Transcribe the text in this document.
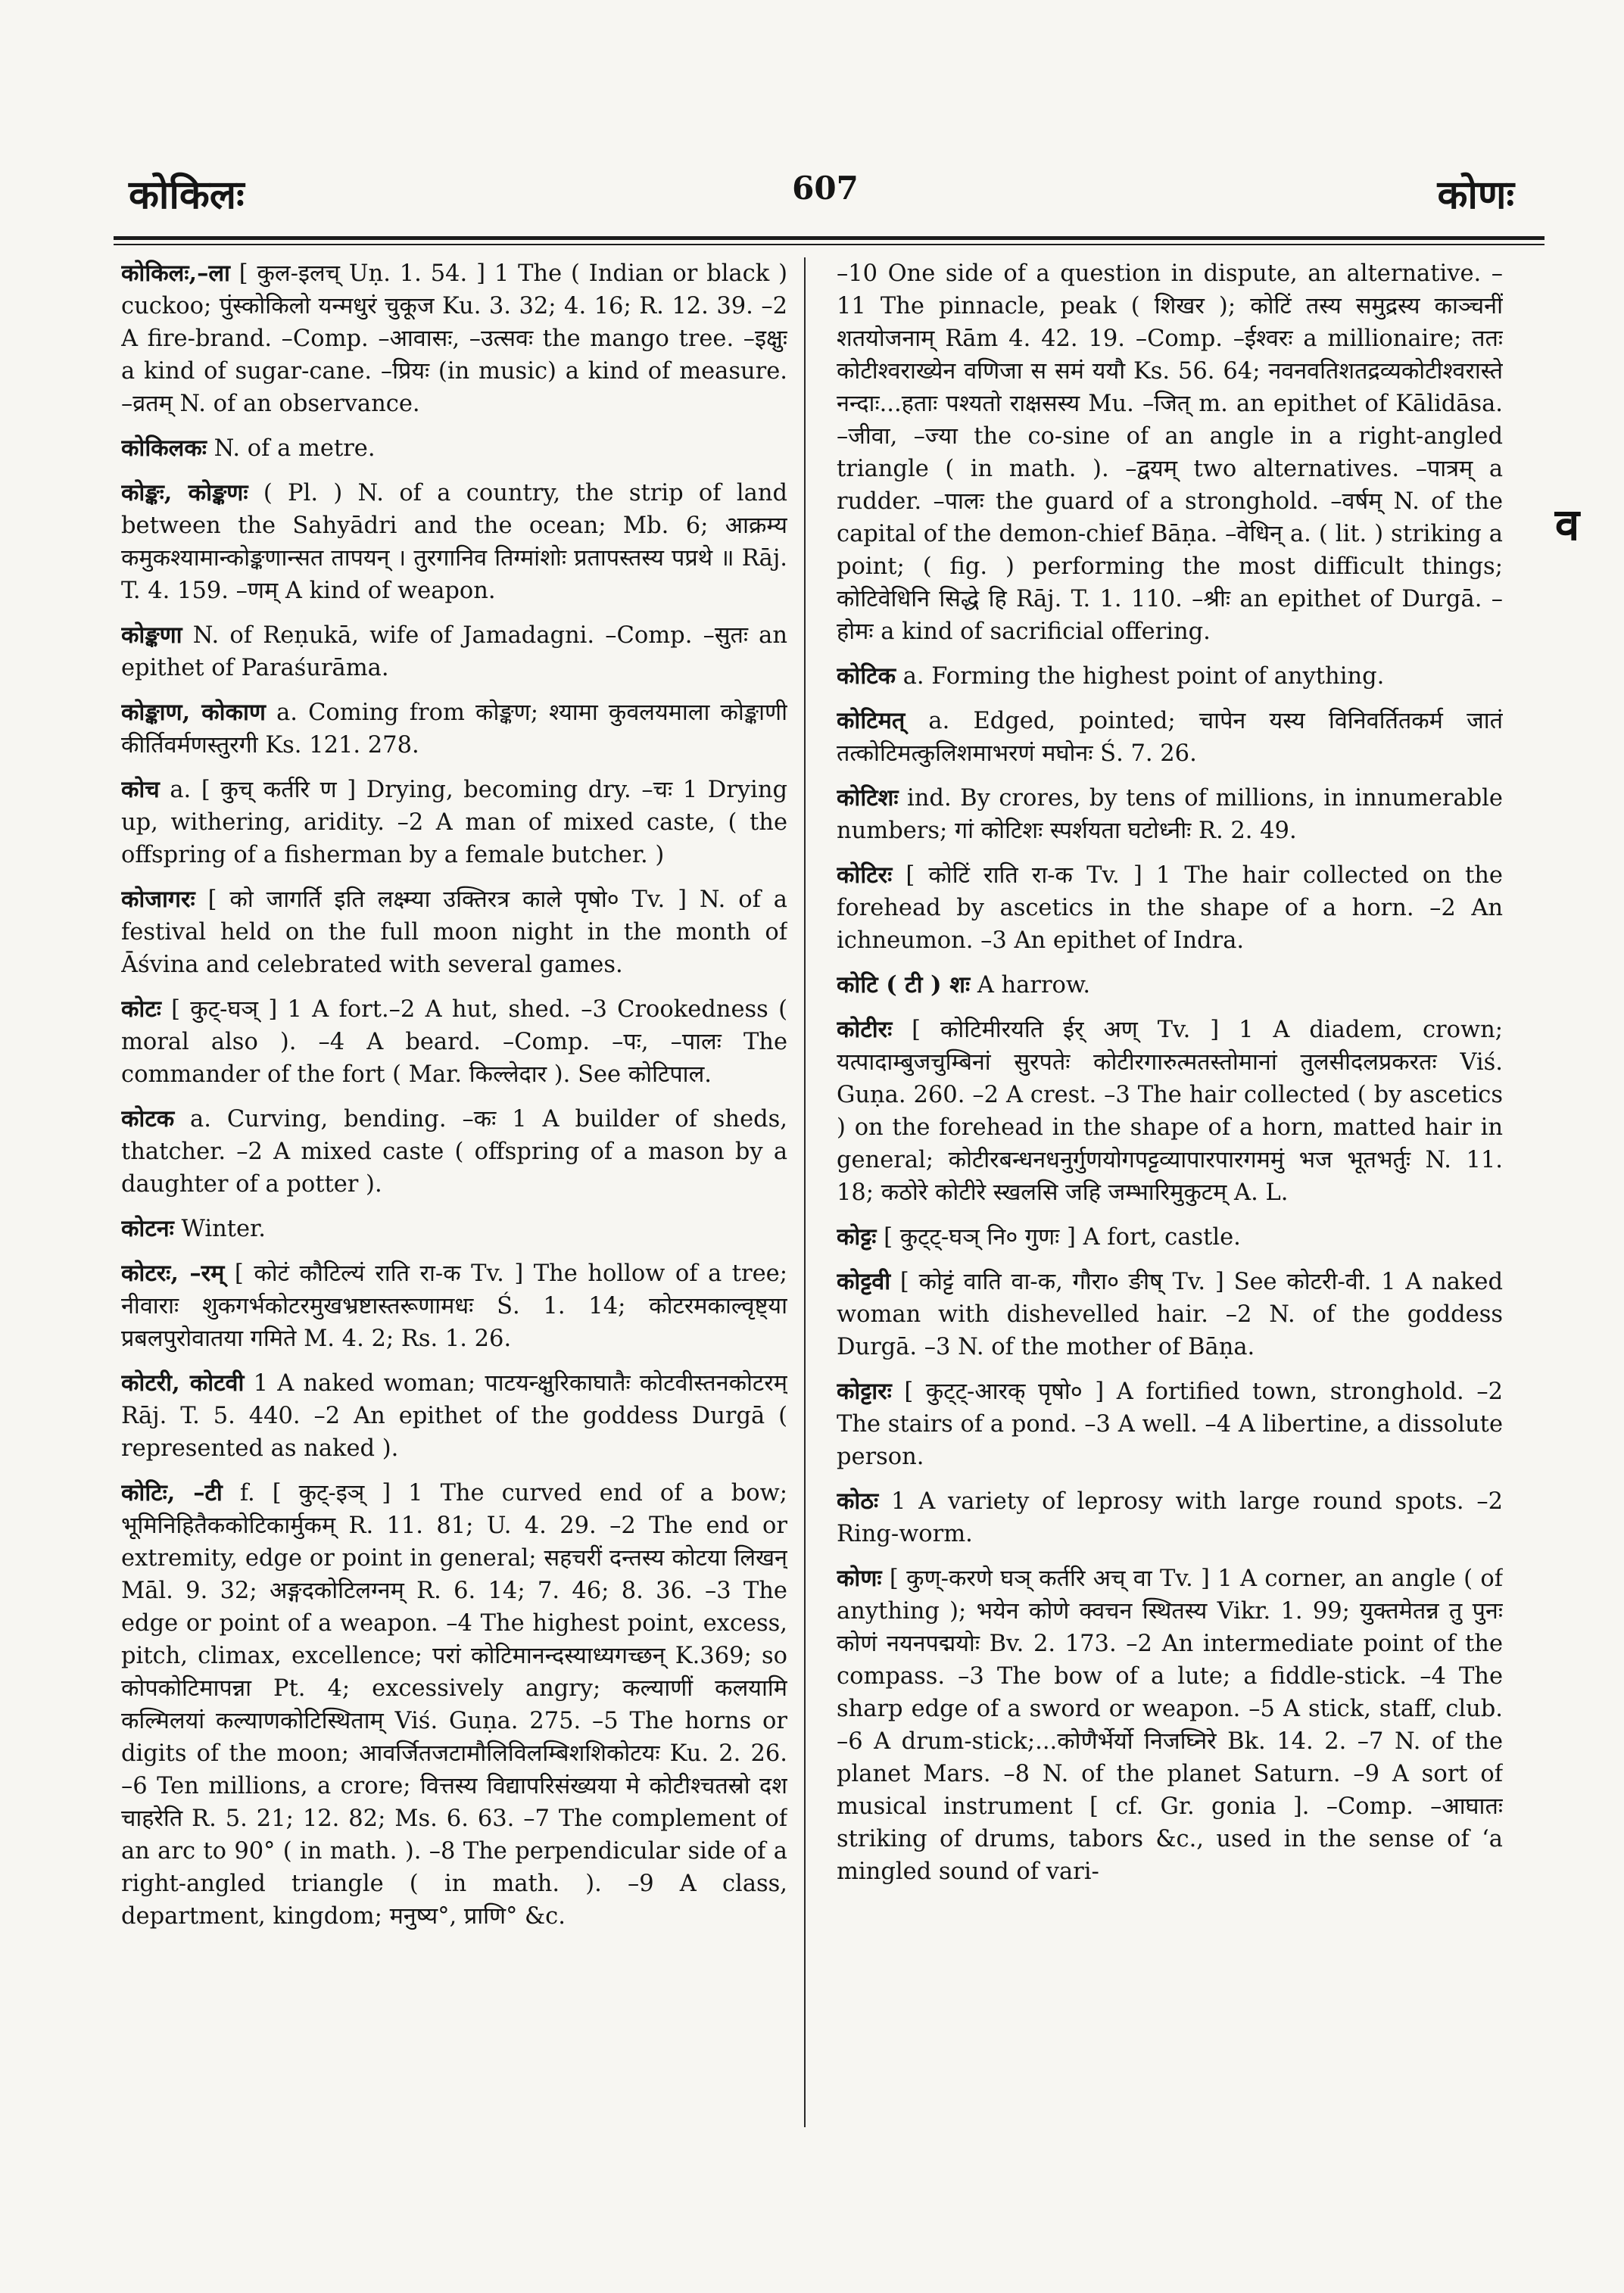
कोकिलः	607	कोणः

कोकिलः,–ला [ कुल-इलच् Uṇ. 1. 54. ] 1 The ( Indian or black ) cuckoo; पुंस्कोकिलो यन्मधुरं चुकूज Ku. 3. 32; 4. 16; R. 12. 39. –2 A fire-brand. –Comp. –आवासः, –उत्सवः the mango tree. –इक्षुः a kind of sugar-cane. –प्रियः (in music) a kind of measure. –व्रतम् N. of an observance.

कोकिलकः N. of a metre.

कोङ्कः, कोङ्कणः ( Pl. ) N. of a country, the strip of land between the Sahyādri and the ocean; Mb. 6; आक्रम्य कमुकश्यामान्कोङ्कणान्सत तापयन् । तुरगानिव तिग्मांशोः प्रतापस्तस्य पप्रथे ॥ Rāj. T. 4. 159. –णम् A kind of weapon.

कोङ्कणा N. of Reṇukā, wife of Jamadagni. –Comp. –सुतः an epithet of Paraśurāma.

कोङ्काण, कोकाण a. Coming from कोङ्कण; श्यामा कुवलयमाला कोङ्काणी कीर्तिवर्मणस्तुरगी Ks. 121. 278.

कोच a. [ कुच् कर्तरि ण ] Drying, becoming dry. –चः 1 Drying up, withering, aridity. –2 A man of mixed caste, ( the offspring of a fisherman by a female butcher. )

कोजागरः [ को जागर्ति इति लक्ष्म्या उक्तिरत्र काले पृषो० Tv. ] N. of a festival held on the full moon night in the month of Āśvina and celebrated with several games.

कोटः [ कुट्-घञ् ] 1 A fort.–2 A hut, shed. –3 Crookedness ( moral also ). –4 A beard. –Comp. –पः, –पालः The commander of the fort ( Mar. किल्लेदार ). See कोटिपाल.

कोटक a. Curving, bending. –कः 1 A builder of sheds, thatcher. –2 A mixed caste ( offspring of a mason by a daughter of a potter ).

कोटनः Winter.

कोटरः, –रम् [ कोटं कौटिल्यं राति रा-क Tv. ] The hollow of a tree; नीवाराः शुकगर्भकोटरमुखभ्रष्टास्तरूणामधः Ś. 1. 14; कोटरमकाल्वृष्ट्या प्रबलपुरोवातया गमिते M. 4. 2; Rs. 1. 26.

कोटरी, कोटवी 1 A naked woman; पाटयन्क्षुरिकाघातैः कोटवीस्तनकोटरम् Rāj. T. 5. 440. –2 An epithet of the goddess Durgā ( represented as naked ).

कोटिः, –टी f. [ कुट्-इञ् ] 1 The curved end of a bow; भूमिनिहितैककोटिकार्मुकम् R. 11. 81; U. 4. 29. –2 The end or extremity, edge or point in general; सहचरीं दन्तस्य कोटया लिखन् Māl. 9. 32; अङ्गदकोटिलग्नम् R. 6. 14; 7. 46; 8. 36. –3 The edge or point of a weapon. –4 The highest point, excess, pitch, climax, excellence; परां कोटिमानन्दस्याध्यगच्छन् K.369; so कोपकोटिमापन्ना Pt. 4; excessively angry; कल्याणीं कलयामि कल्मिलयां कल्याणकोटिस्थिताम् Viś. Guṇa. 275. –5 The horns or digits of the moon; आवर्जितजटामौलिविलम्बिशशिकोटयः Ku. 2. 26. –6 Ten millions, a crore; वित्तस्य विद्यापरिसंख्यया मे कोटीश्चतस्रो दश चाहरेति R. 5. 21; 12. 82; Ms. 6. 63. –7 The complement of an arc to 90° ( in math. ). –8 The perpendicular side of a right-angled triangle ( in math. ). –9 A class, department, kingdom; मनुष्य°, प्राणि° &c.

–10 One side of a question in dispute, an alternative. –11 The pinnacle, peak ( शिखर ); कोटिं तस्य समुद्रस्य काञ्चनीं शतयोजनाम् Rām 4. 42. 19. –Comp. –ईश्वरः a millionaire; ततः कोटीश्वराख्येन वणिजा स समं ययौ Ks. 56. 64; नवनवतिशतद्रव्यकोटीश्वरास्ते नन्दाः...हताः पश्यतो राक्षसस्य Mu. –जित् m. an epithet of Kālidāsa. –जीवा, –ज्या the co-sine of an angle in a right-angled triangle ( in math. ). –द्वयम् two alternatives. –पात्रम् a rudder. –पालः the guard of a stronghold. –वर्षम् N. of the capital of the demon-chief Bāṇa. –वेधिन् a. ( lit. ) striking a point; ( fig. ) performing the most difficult things; कोटिवेधिनि सिद्धे हि Rāj. T. 1. 110. –श्रीः an epithet of Durgā. –होमः a kind of sacrificial offering.

कोटिक a. Forming the highest point of anything.

कोटिमत् a. Edged, pointed; चापेन यस्य विनिवर्तितकर्म जातं तत्कोटिमत्कुलिशमाभरणं मघोनः Ś. 7. 26.

कोटिशः ind. By crores, by tens of millions, in innumerable numbers; गां कोटिशः स्पर्शयता घटोध्नीः R. 2. 49.

कोटिरः [ कोटिं राति रा-क Tv. ] 1 The hair collected on the forehead by ascetics in the shape of a horn. –2 An ichneumon. –3 An epithet of Indra.

कोटि ( टी ) शः A harrow.

कोटीरः [ कोटिमीरयति ईर् अण् Tv. ] 1 A diadem, crown; यत्पादाम्बुजचुम्बिनां सुरपतेः कोटीरगारुत्मतस्तोमानां तुलसीदलप्रकरतः Viś. Guṇa. 260. –2 A crest. –3 The hair collected ( by ascetics ) on the forehead in the shape of a horn, matted hair in general; कोटीरबन्धनधनुर्गुणयोगपट्टव्यापारपारगममुं भज भूतभर्तुः N. 11. 18; कठोरे कोटीरे स्खलसि जहि जम्भारिमुकुटम् A. L.

कोट्टः [ कुट्ट्-घञ् नि० गुणः ] A fort, castle.

कोट्टवी [ कोट्टं वाति वा-क, गौरा० ङीष् Tv. ] See कोटरी-वी. 1 A naked woman with dishevelled hair. –2 N. of the goddess Durgā. –3 N. of the mother of Bāṇa.

कोट्टारः [ कुट्ट्-आरक् पृषो० ] A fortified town, stronghold. –2 The stairs of a pond. –3 A well. –4 A libertine, a dissolute person.

कोठः 1 A variety of leprosy with large round spots. –2 Ring-worm.

कोणः [ कुण्-करणे घञ् कर्तरि अच् वा Tv. ] 1 A corner, an angle ( of anything ); भयेन कोणे क्वचन स्थितस्य Vikr. 1. 99; युक्तमेतन्न तु पुनः कोणं नयनपद्मयोः Bv. 2. 173. –2 An intermediate point of the compass. –3 The bow of a lute; a fiddle-stick. –4 The sharp edge of a sword or weapon. –5 A stick, staff, club. –6 A drum-stick;...कोणैर्भेर्यो निजघ्निरे Bk. 14. 2. –7 N. of the planet Mars. –8 N. of the planet Saturn. –9 A sort of musical instrument [ cf. Gr. gonia ]. –Comp. –आघातः striking of drums, tabors &c., used in the sense of ‘a mingled sound of vari-

व
